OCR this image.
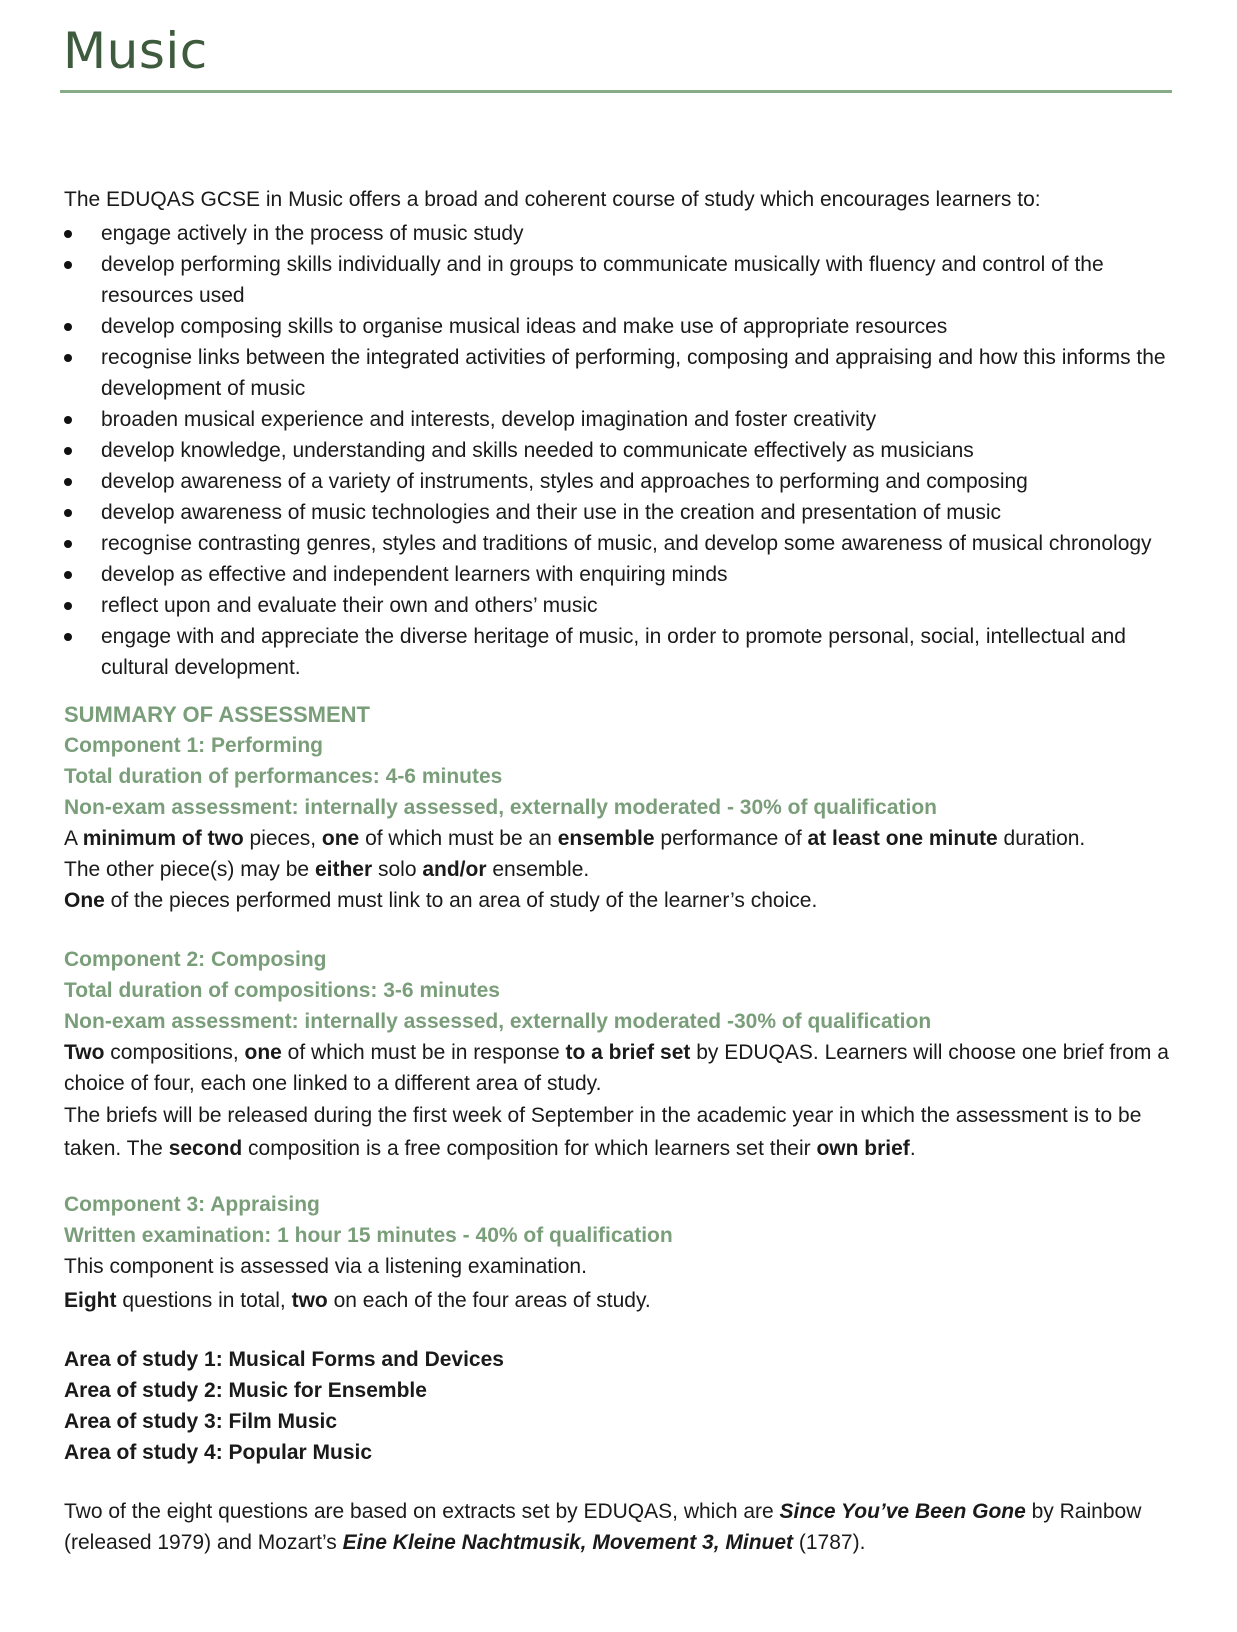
Music

The EDUQAS GCSE in Music offers a broad and coherent course of study which encourages learners to:

engage actively in the process of music study
develop performing skills individually and in groups to communicate musically with fluency and control of the resources used
develop composing skills to organise musical ideas and make use of appropriate resources
recognise links between the integrated activities of performing, composing and appraising and how this informs the development of music
broaden musical experience and interests, develop imagination and foster creativity
develop knowledge, understanding and skills needed to communicate effectively as musicians
develop awareness of a variety of instruments, styles and approaches to performing and composing
develop awareness of music technologies and their use in the creation and presentation of music
recognise contrasting genres, styles and traditions of music, and develop some awareness of musical chronology
develop as effective and independent learners with enquiring minds
reflect upon and evaluate their own and others’ music
engage with and appreciate the diverse heritage of music, in order to promote personal, social, intellectual and cultural development.
SUMMARY OF ASSESSMENT
Component 1: Performing
Total duration of performances: 4-6 minutes
Non-exam assessment: internally assessed, externally moderated - 30% of qualification

A minimum of two pieces, one of which must be an ensemble performance of at least one minute duration.

The other piece(s) may be either solo and/or ensemble.

One of the pieces performed must link to an area of study of the learner’s choice.

Component 2: Composing
Total duration of compositions: 3-6 minutes
Non-exam assessment: internally assessed, externally moderated -30% of qualification

Two compositions, one of which must be in response to a brief set by EDUQAS. Learners will choose one brief from a choice of four, each one linked to a different area of study.

The briefs will be released during the first week of September in the academic year in which the assessment is to be taken. The second composition is a free composition for which learners set their own brief.

Component 3: Appraising
Written examination: 1 hour 15 minutes - 40% of qualification

This component is assessed via a listening examination.

Eight questions in total, two on each of the four areas of study.

Area of study 1: Musical Forms and Devices
Area of study 2: Music for Ensemble
Area of study 3: Film Music
Area of study 4: Popular Music

Two of the eight questions are based on extracts set by EDUQAS, which are Since You’ve Been Gone by Rainbow (released 1979) and Mozart’s Eine Kleine Nachtmusik, Movement 3, Minuet (1787).
